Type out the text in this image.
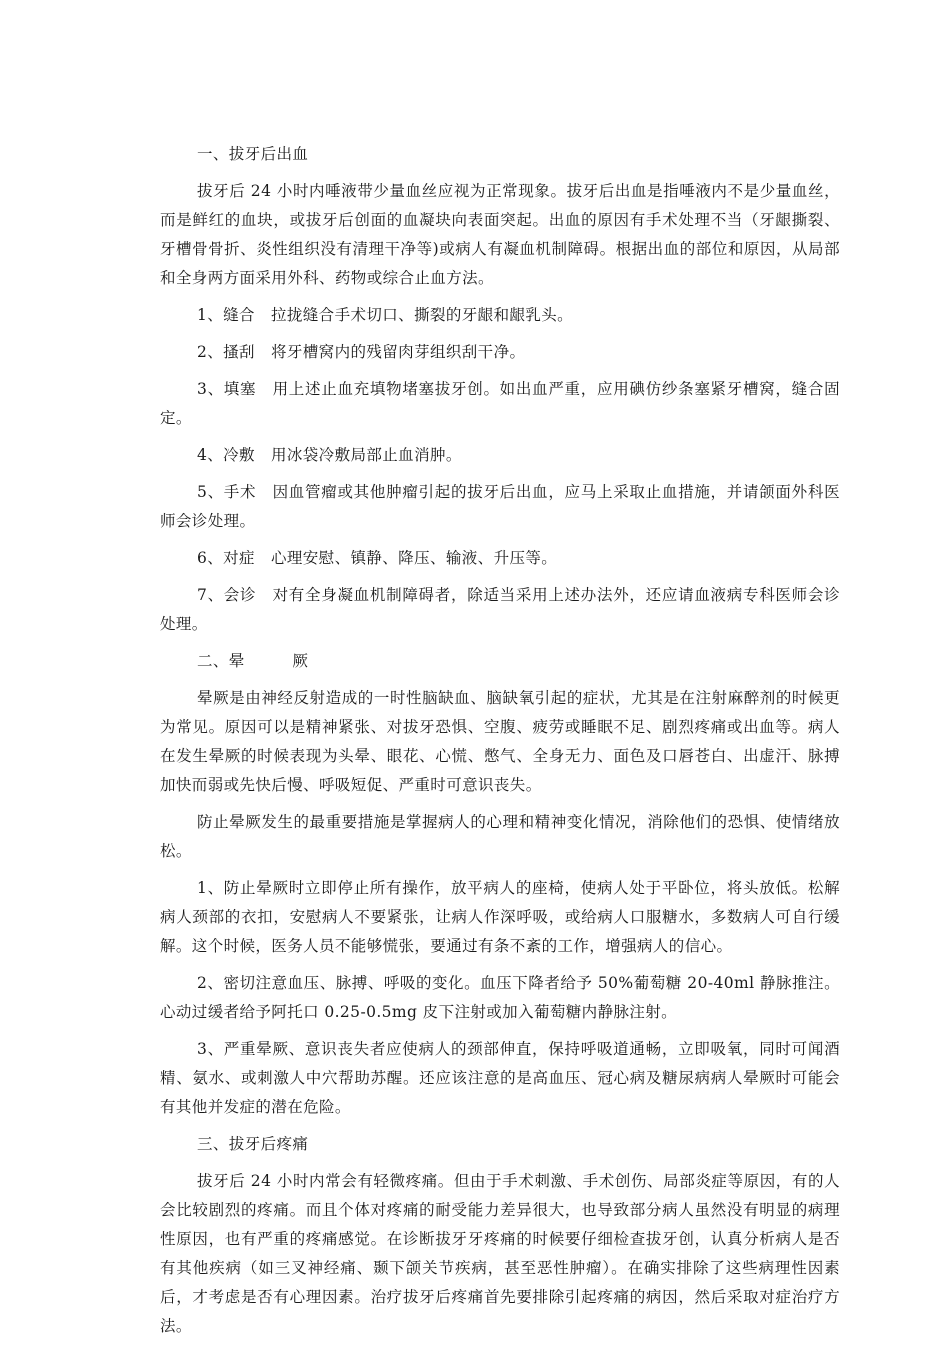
一、拔牙后出血

拔牙后 24 小时内唾液带少量血丝应视为正常现象。拔牙后出血是指唾液内不是少量血丝，而是鲜红的血块，或拔牙后创面的血凝块向表面突起。出血的原因有手术处理不当（牙龈撕裂、牙槽骨骨折、炎性组织没有清理干净等)或病人有凝血机制障碍。根据出血的部位和原因，从局部和全身两方面采用外科、药物或综合止血方法。

1、缝合 拉拢缝合手术切口、撕裂的牙龈和龈乳头。

2、搔刮 将牙槽窝内的残留肉芽组织刮干净。

3、填塞 用上述止血充填物堵塞拔牙创。如出血严重，应用碘仿纱条塞紧牙槽窝，缝合固定。

4、冷敷 用冰袋冷敷局部止血消肿。

5、手术 因血管瘤或其他肿瘤引起的拔牙后出血，应马上采取止血措施，并请颌面外科医师会诊处理。

6、对症 心理安慰、镇静、降压、输液、升压等。

7、会诊 对有全身凝血机制障碍者，除适当采用上述办法外，还应请血液病专科医师会诊处理。

二、晕　　　厥

晕厥是由神经反射造成的一时性脑缺血、脑缺氧引起的症状，尤其是在注射麻醉剂的时候更为常见。原因可以是精神紧张、对拔牙恐惧、空腹、疲劳或睡眠不足、剧烈疼痛或出血等。病人在发生晕厥的时候表现为头晕、眼花、心慌、憋气、全身无力、面色及口唇苍白、出虚汗、脉搏加快而弱或先快后慢、呼吸短促、严重时可意识丧失。

防止晕厥发生的最重要措施是掌握病人的心理和精神变化情况，消除他们的恐惧、使情绪放松。

1、防止晕厥时立即停止所有操作，放平病人的座椅，使病人处于平卧位，将头放低。松解病人颈部的衣扣，安慰病人不要紧张，让病人作深呼吸，或给病人口服糖水，多数病人可自行缓解。这个时候，医务人员不能够慌张，要通过有条不紊的工作，增强病人的信心。

2、密切注意血压、脉搏、呼吸的变化。血压下降者给予 50%葡萄糖 20-40ml 静脉推注。心动过缓者给予阿托口 0.25-0.5mg 皮下注射或加入葡萄糖内静脉注射。

3、严重晕厥、意识丧失者应使病人的颈部伸直，保持呼吸道通畅，立即吸氧，同时可闻酒精、氨水、或刺激人中穴帮助苏醒。还应该注意的是高血压、冠心病及糖尿病病人晕厥时可能会有其他并发症的潜在危险。

三、拔牙后疼痛

拔牙后 24 小时内常会有轻微疼痛。但由于手术刺激、手术创伤、局部炎症等原因，有的人会比较剧烈的疼痛。而且个体对疼痛的耐受能力差异很大，也导致部分病人虽然没有明显的病理性原因，也有严重的疼痛感觉。在诊断拔牙牙疼痛的时候要仔细检查拔牙创，认真分析病人是否有其他疾病（如三叉神经痛、颞下颌关节疾病，甚至恶性肿瘤）。在确实排除了这些病理性因素后，才考虑是否有心理因素。治疗拔牙后疼痛首先要排除引起疼痛的病因，然后采取对症治疗方法。
